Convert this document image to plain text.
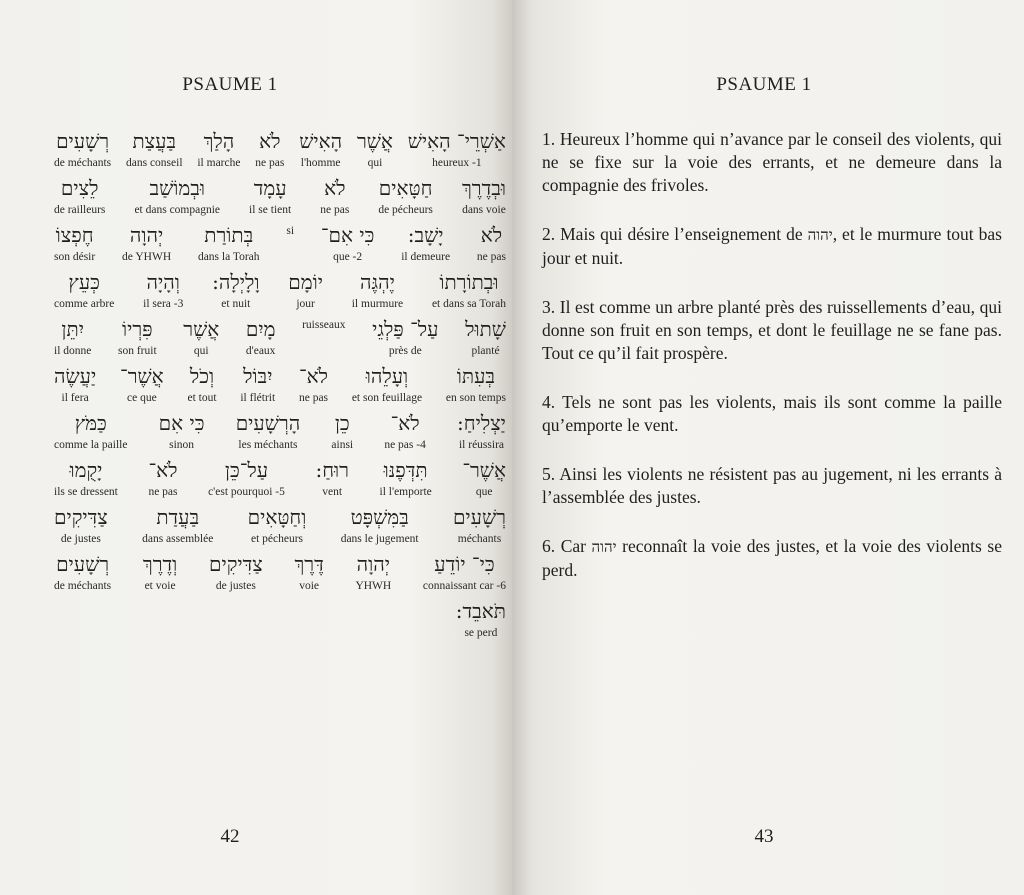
PSAUME 1
אַשְׁרֵי־ הָאִישׁ
heureux -1
אֲשֶׁר
qui
הָאִישׁ
l'homme
לֹא
ne pas
הָלַךְ
il marche
בַּעֲצַת
dans conseil
רְשָׁעִים
de méchants
וּבְדֶרֶךְ
dans voie
חַטָּאִים
de pécheurs
לֹא
ne pas
עָמָד
il se tient
וּבְמוֹשַׁב
et dans compagnie
לֵצִים
de railleurs
לֹא
ne pas
יָשָׁב:
il demeure
כִּי אִם־
que -2
si
בְּתוֹרַת
dans la Torah
יְהוָה
de YHWH
חֶפְצוֹ
son désir
וּבְתוֹרָתוֹ
et dans sa Torah
יֶהְגֶּה
il murmure
יוֹמָם
jour
וָלָיְלָה:
et nuit
וְהָיָה
il sera -3
כְּעֵץ
comme arbre
שָׁתוּל
planté
עַל־ פַּלְגֵי
près de
ruisseaux
מָיִם
d'eaux
אֲשֶׁר
qui
פִּרְיוֹ
son fruit
יִתֵּן
il donne
בְּעִתּוֹ
en son temps
וְעָלֵהוּ
et son feuillage
לֹא־
ne pas
יִבּוֹל
il flétrit
וְכֹל
et tout
אֲשֶׁר־
ce que
יַעֲשֶׂה
il fera
יַצְלִיחַ:
il réussira
לֹא־
ne pas -4
כֵן
ainsi
הָרְשָׁעִים
les méchants
כִּי אִם
sinon
כַּמֹּץ
comme la paille
אֲשֶׁר־
que
תִּדְּפֶנּוּ
il l'emporte
רוּחַ:
vent
עַל־כֵּן
c'est pourquoi -5
לֹא־
ne pas
יָקֻמוּ
ils se dressent
רְשָׁעִים
méchants
בַּמִּשְׁפָּט
dans le jugement
וְחַטָּאִים
et pécheurs
בַּעֲדַת
dans assemblée
צַדִּיקִים
de justes
כִּי־ יוֹדֵעַ
connaissant car -6
יְהוָה
YHWH
דֶּרֶךְ
voie
צַדִּיקִים
de justes
וְדֶרֶךְ
et voie
רְשָׁעִים
de méchants
תֹּאבֵד:
se perd
42
PSAUME 1

1. Heureux l’homme qui n’avance par le conseil des violents, qui ne se fixe sur la voie des errants, et ne demeure dans la compagnie des frivoles.

2. Mais qui désire l’enseignement de יהוה, et le murmure tout bas jour et nuit.

3. Il est comme un arbre planté près des ruissellements d’eau, qui donne son fruit en son temps, et dont le feuillage ne se fane pas. Tout ce qu’il fait prospère.

4. Tels ne sont pas les violents, mais ils sont comme la paille qu’emporte le vent.

5. Ainsi les violents ne résistent pas au jugement, ni les errants à l’assemblée des justes.

6. Car יהוה reconnaît la voie des justes, et la voie des violents se perd.

43
